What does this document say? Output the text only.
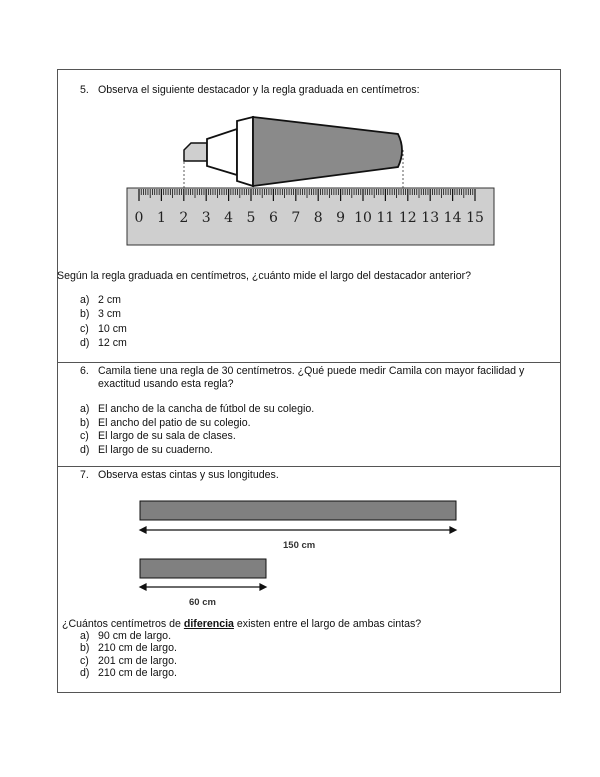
5. Observa el siguiente destacador y la regla graduada en centímetros:
0 1 2 3 4 5 6 7 8 9 10 11 12 13 14 15
Según la regla graduada en centímetros, ¿cuánto mide el largo del destacador anterior?
a) 2 cm
b) 3 cm
c) 10 cm
d) 12 cm
6. Camila tiene una regla de 30 centímetros. ¿Qué puede medir Camila con mayor facilidad y
exactitud usando esta regla?
a) El ancho de la cancha de fútbol de su colegio.
b) El ancho del patio de su colegio.
c) El largo de su sala de clases.
d) El largo de su cuaderno.
7. Observa estas cintas y sus longitudes.
150 cm
60 cm
¿Cuántos centímetros de diferencia existen entre el largo de ambas cintas?
a) 90 cm de largo.
b) 210 cm de largo.
c) 201 cm de largo.
d) 210 cm de largo.
